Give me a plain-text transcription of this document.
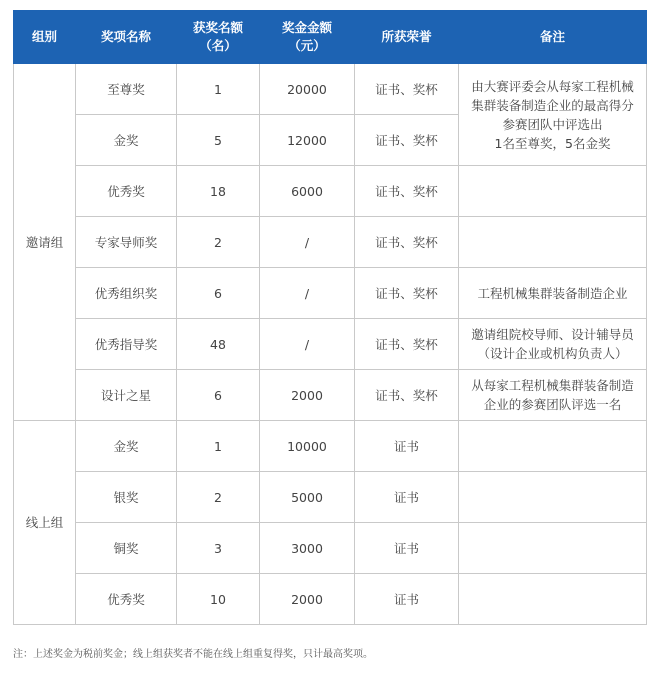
组别	奖项名称	获奖名额
（名）	奖金金额
（元）	所获荣誉	备注
邀请组	至尊奖	1	20000	证书、奖杯	由大赛评委会从每家工程机械
集群装备制造企业的最高得分
参赛团队中评选出
1名至尊奖，5名金奖
	金奖	5	12000	证书、奖杯	
	优秀奖	18	6000	证书、奖杯	
	专家导师奖	2	/	证书、奖杯	
	优秀组织奖	6	/	证书、奖杯	工程机械集群装备制造企业
	优秀指导奖	48	/	证书、奖杯	邀请组院校导师、设计辅导员
（设计企业或机构负责人）
	设计之星	6	2000	证书、奖杯	从每家工程机械集群装备制造
企业的参赛团队评选一名
线上组	金奖	1	10000	证书	
	银奖	2	5000	证书	
	铜奖	3	3000	证书	
	优秀奖	10	2000	证书	
注：上述奖金为税前奖金；线上组获奖者不能在线上组重复得奖，只计最高奖项。
